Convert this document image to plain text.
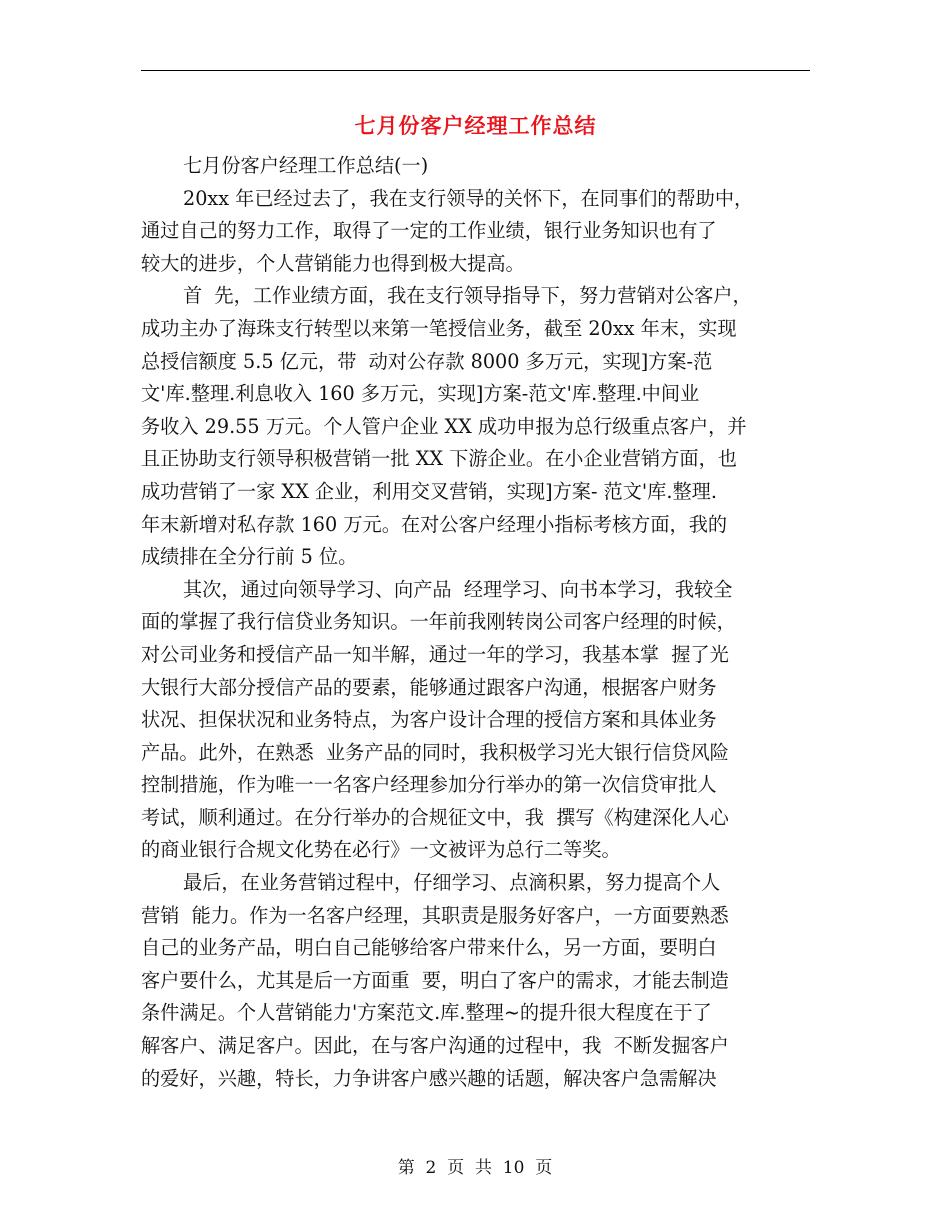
七月份客户经理工作总结
七月份客户经理工作总结(一)
20xx 年已经过去了，我在支行领导的关怀下，在同事们的帮助中，
通过自己的努力工作，取得了一定的工作业绩，银行业务知识也有了
较大的进步，个人营销能力也得到极大提高。
首  先，工作业绩方面，我在支行领导指导下，努力营销对公客户，
成功主办了海珠支行转型以来第一笔授信业务，截至 20xx 年末，实现
总授信额度 5.5 亿元，带  动对公存款 8000 多万元，实现]方案-范
文'库.整理.利息收入 160 多万元，实现]方案-范文'库.整理.中间业
务收入 29.55 万元。个人管户企业 XX 成功申报为总行级重点客户，并
且正协助支行领导积极营销一批 XX 下游企业。在小企业营销方面，也
成功营销了一家 XX 企业，利用交叉营销，实现]方案- 范文'库.整理.
年末新增对私存款 160 万元。在对公客户经理小指标考核方面，我的
成绩排在全分行前 5 位。
其次，通过向领导学习、向产品  经理学习、向书本学习，我较全
面的掌握了我行信贷业务知识。一年前我刚转岗公司客户经理的时候，
对公司业务和授信产品一知半解，通过一年的学习，我基本掌  握了光
大银行大部分授信产品的要素，能够通过跟客户沟通，根据客户财务
状况、担保状况和业务特点，为客户设计合理的授信方案和具体业务
产品。此外，在熟悉  业务产品的同时，我积极学习光大银行信贷风险
控制措施，作为唯一一名客户经理参加分行举办的第一次信贷审批人
考试，顺利通过。在分行举办的合规征文中，我  撰写《构建深化人心
的商业银行合规文化势在必行》一文被评为总行二等奖。
最后，在业务营销过程中，仔细学习、点滴积累，努力提高个人
营销  能力。作为一名客户经理，其职责是服务好客户，一方面要熟悉
自己的业务产品，明白自己能够给客户带来什么，另一方面，要明白
客户要什么，尤其是后一方面重  要，明白了客户的需求，才能去制造
条件满足。个人营销能力'方案范文.库.整理~的提升很大程度在于了
解客户、满足客户。因此，在与客户沟通的过程中，我  不断发掘客户
的爱好，兴趣，特长，力争讲客户感兴趣的话题，解决客户急需解决
第  2  页  共  10  页
